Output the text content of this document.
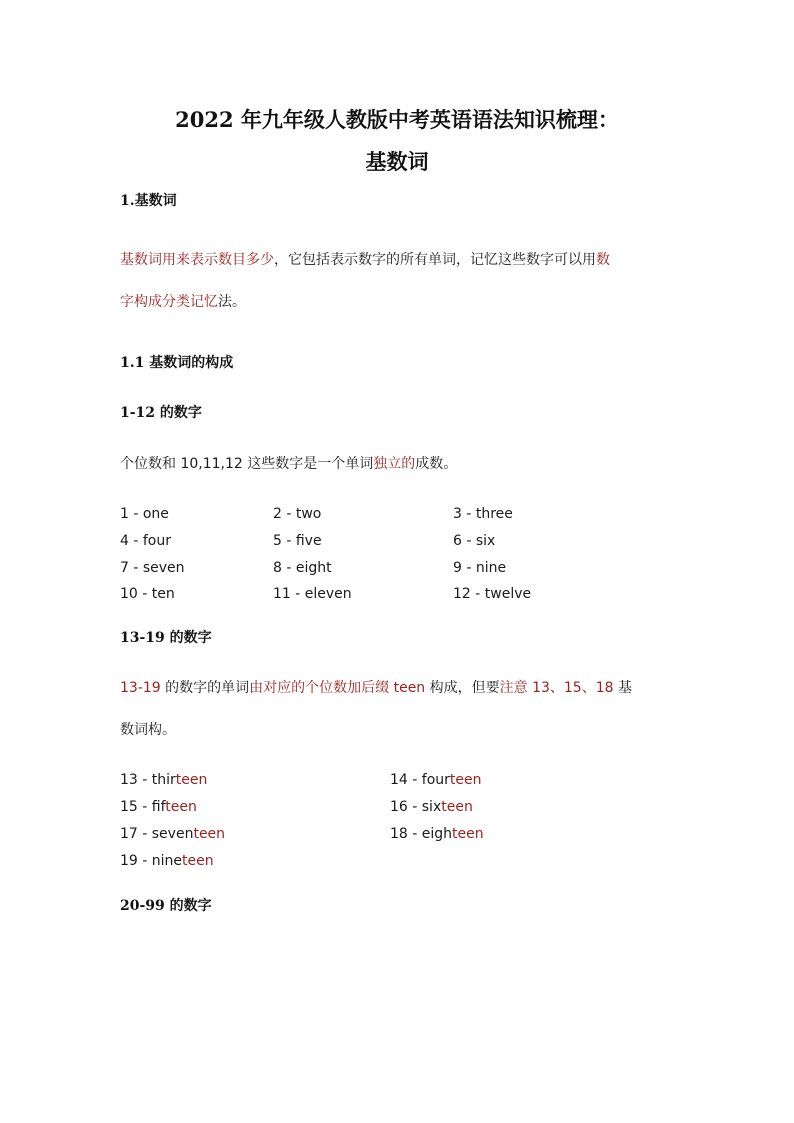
2022 年九年级人教版中考英语语法知识梳理：
基数词
1.基数词
基数词用来表示数目多少，它包括表示数字的所有单词，记忆这些数字可以用数
字构成分类记忆法。
1.1 基数词的构成
1-12 的数字
个位数和 10,11,12 这些数字是一个单词独立的成数。
1 - one	2 - two	3 - three
4 - four	5 - five	6 - six
7 - seven	8 - eight	9 - nine
10 - ten	11 - eleven	12 - twelve
13-19 的数字
13-19 的数字的单词由对应的个位数加后缀 teen 构成，但要注意 13、15、18 基
数词构。
13 - thirteen	14 - fourteen
15 - fifteen	16 - sixteen
17 - seventeen	18 - eighteen
19 - nineteen
20-99 的数字
